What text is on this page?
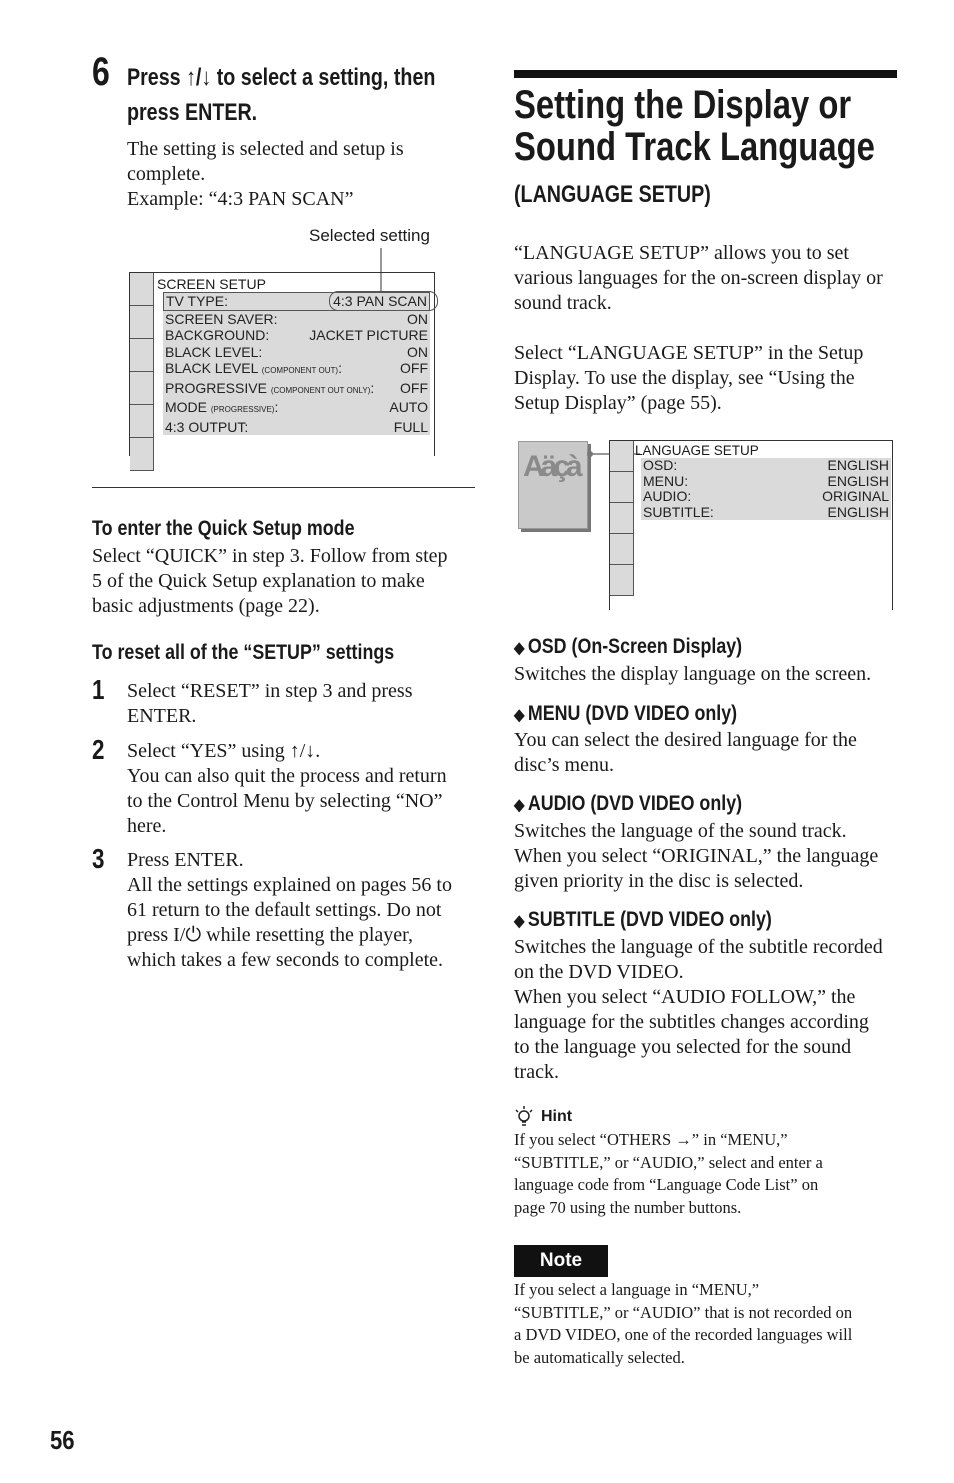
6 Press ↑/↓ to select a setting, then
press ENTER.
The setting is selected and setup is
complete.
Example: “4:3 PAN SCAN”
Selected setting
SCREEN SETUP
TV TYPE:	4:3 PAN SCAN
SCREEN SAVER:	ON
BACKGROUND:	JACKET PICTURE
BLACK LEVEL:	ON
BLACK LEVEL (COMPONENT OUT):	OFF
PROGRESSIVE (COMPONENT OUT ONLY): OFF
MODE (PROGRESSIVE):	AUTO
4:3 OUTPUT:	FULL
To enter the Quick Setup mode
Select “QUICK” in step 3. Follow from step
5 of the Quick Setup explanation to make
basic adjustments (page 22).
To reset all of the “SETUP” settings
1 Select “RESET” in step 3 and press
ENTER.
2 Select “YES” using ↑/↓.
You can also quit the process and return
to the Control Menu by selecting “NO”
here.
3 Press ENTER.
All the settings explained on pages 56 to
61 return to the default settings. Do not
press I/⏻ while resetting the player,
which takes a few seconds to complete.
Setting the Display or
Sound Track Language
(LANGUAGE SETUP)
“LANGUAGE SETUP” allows you to set
various languages for the on-screen display or
sound track.
Select “LANGUAGE SETUP” in the Setup
Display. To use the display, see “Using the
Setup Display” (page 55).
Aäçà	LANGUAGE SETUP
OSD:	ENGLISH
MENU:	ENGLISH
AUDIO:	ORIGINAL
SUBTITLE:	ENGLISH
◆ OSD (On-Screen Display)
Switches the display language on the screen.
◆ MENU (DVD VIDEO only)
You can select the desired language for the
disc’s menu.
◆ AUDIO (DVD VIDEO only)
Switches the language of the sound track.
When you select “ORIGINAL,” the language
given priority in the disc is selected.
◆ SUBTITLE (DVD VIDEO only)
Switches the language of the subtitle recorded
on the DVD VIDEO.
When you select “AUDIO FOLLOW,” the
language for the subtitles changes according
to the language you selected for the sound
track.
Hint
If you select “OTHERS →” in “MENU,”
“SUBTITLE,” or “AUDIO,” select and enter a
language code from “Language Code List” on
page 70 using the number buttons.
Note
If you select a language in “MENU,”
“SUBTITLE,” or “AUDIO” that is not recorded on
a DVD VIDEO, one of the recorded languages will
be automatically selected.
56
